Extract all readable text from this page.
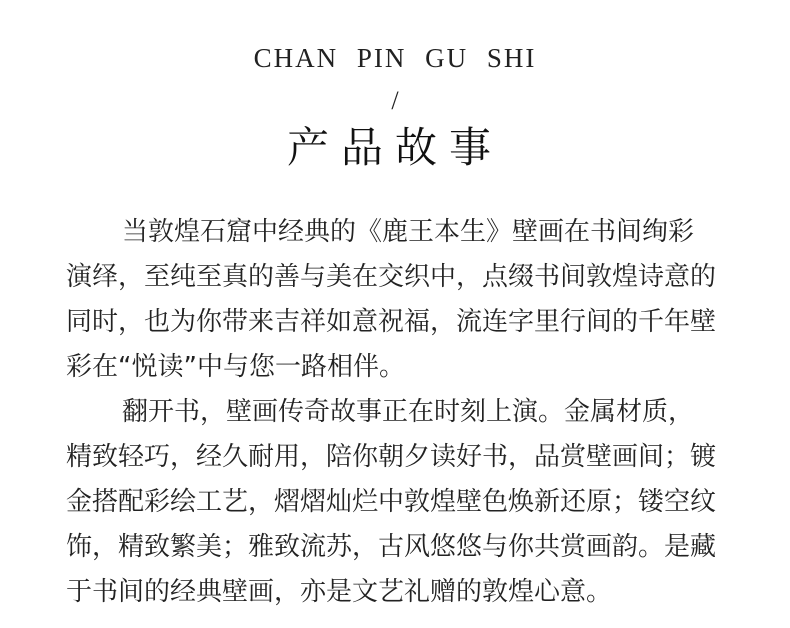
CHAN PIN GU SHI
/
产品故事
当敦煌石窟中经典的《鹿王本生》壁画在书间绚彩
演绎，至纯至真的善与美在交织中，点缀书间敦煌诗意的
同时，也为你带来吉祥如意祝福，流连字里行间的千年壁
彩在“悦读”中与您一路相伴。
翻开书，壁画传奇故事正在时刻上演。金属材质，
精致轻巧，经久耐用，陪你朝夕读好书，品赏壁画间；镀
金搭配彩绘工艺，熠熠灿烂中敦煌壁色焕新还原；镂空纹
饰，精致繁美；雅致流苏，古风悠悠与你共赏画韵。是藏
于书间的经典壁画，亦是文艺礼赠的敦煌心意。
